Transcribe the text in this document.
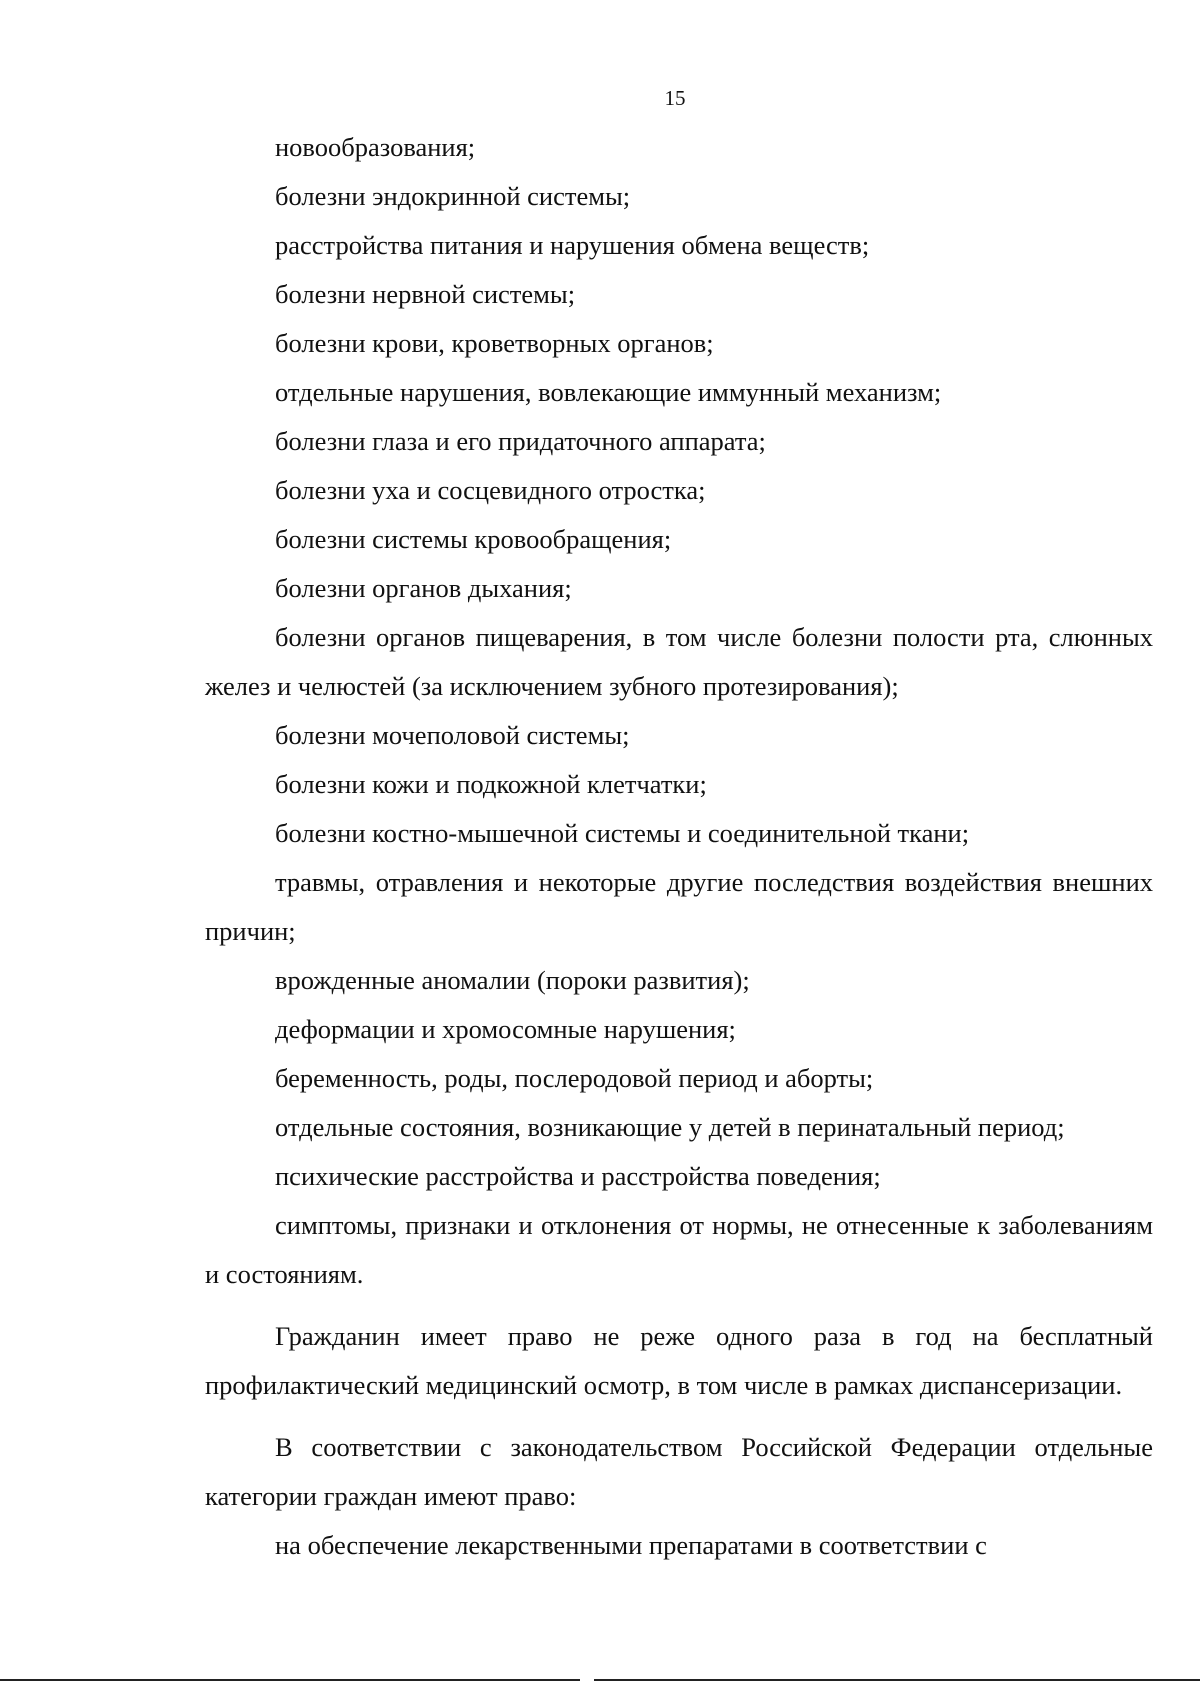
15

новообразования;

болезни эндокринной системы;

расстройства питания и нарушения обмена веществ;

болезни нервной системы;

болезни крови, кроветворных органов;

отдельные нарушения, вовлекающие иммунный механизм;

болезни глаза и его придаточного аппарата;

болезни уха и сосцевидного отростка;

болезни системы кровообращения;

болезни органов дыхания;

болезни органов пищеварения, в том числе болезни полости рта, слюнных желез и челюстей (за исключением зубного протезирования);

болезни мочеполовой системы;

болезни кожи и подкожной клетчатки;

болезни костно-мышечной системы и соединительной ткани;

травмы, отравления и некоторые другие последствия воздействия внешних причин;

врожденные аномалии (пороки развития);

деформации и хромосомные нарушения;

беременность, роды, послеродовой период и аборты;

отдельные состояния, возникающие у детей в перинатальный период;

психические расстройства и расстройства поведения;

симптомы, признаки и отклонения от нормы, не отнесенные к заболеваниям и состояниям.

Гражданин имеет право не реже одного раза в год на бесплатный профилактический медицинский осмотр, в том числе в рамках диспансеризации.

В соответствии с законодательством Российской Федерации отдельные категории граждан имеют право:

на обеспечение лекарственными препаратами в соответствии с
